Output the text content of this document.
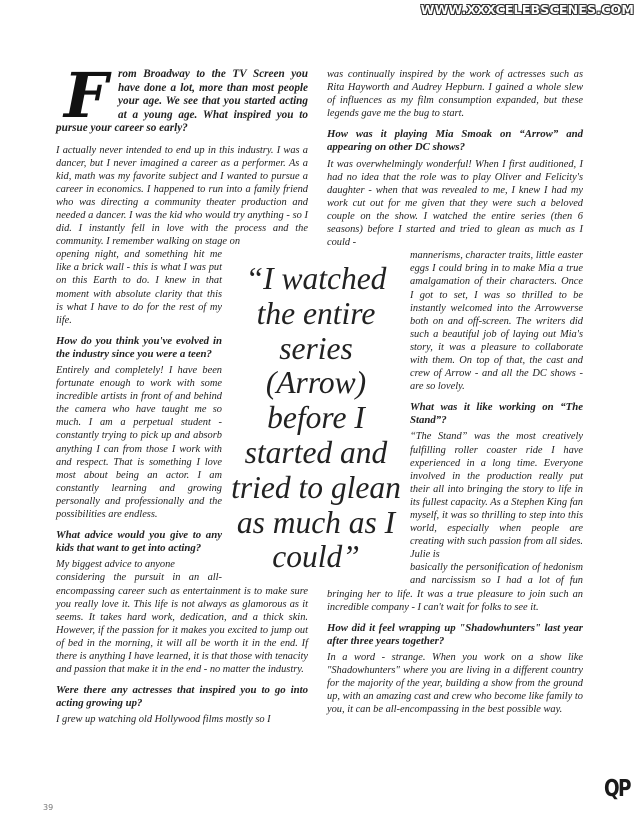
WWW.XXXCELEBSCENES.COM
From Broadway to the TV Screen you have done a lot, more than most people your age. We see that you started acting at a young age. What inspired you to pursue your career so early?

I actually never intended to end up in this industry. I was a dancer, but I never imagined a career as a performer. As a kid, math was my favorite subject and I wanted to pursue a career in economics. I happened to run into a family friend who was directing a community theater production and needed a dancer. I was the kid who would try anything - so I did. I instantly fell in love with the process and the community. I remember walking on stage on

opening night, and something hit me like a brick wall - this is what I was put on this Earth to do. I knew in that moment with absolute clarity that this is what I have to do for the rest of my life.

How do you think you've evolved in the industry since you were a teen?

Entirely and completely! I have been fortunate enough to work with some incredible artists in front of and behind the camera who have taught me so much. I am a perpetual student - constantly trying to pick up and absorb anything I can from those I work with and respect. That is something I love most about being an actor. I am constantly learning and growing personally and professionally and the possibilities are endless.

What advice would you give to any kids that want to get into acting?

My biggest advice to anyone

considering the pursuit in an all-encompassing career such as entertainment is to make sure you really love it. This life is not always as glamorous as it seems. It takes hard work, dedication, and a thick skin. However, if the passion for it makes you excited to jump out of bed in the morning, it will all be worth it in the end. If there is anything I have learned, it is that those with tenacity and passion that make it in the end - no matter the industry.

Were there any actresses that inspired you to go into acting growing up?

I grew up watching old Hollywood films mostly so I

was continually inspired by the work of actresses such as Rita Hayworth and Audrey Hepburn. I gained a whole slew of influences as my film consumption expanded, but these legends gave me the bug to start.

How was it playing Mia Smoak on “Arrow” and appearing on other DC shows?

It was overwhelmingly wonderful! When I first auditioned, I had no idea that the role was to play Oliver and Felicity's daughter - when that was revealed to me, I knew I had my work cut out for me given that they were such a beloved couple on the show. I watched the entire series (then 6 seasons) before I started and tried to glean as much as I could -

mannerisms, character traits, little easter eggs I could bring in to make Mia a true amalgamation of their characters. Once I got to set, I was so thrilled to be instantly welcomed into the Arrowverse both on and off-screen. The writers did such a beautiful job of laying out Mia's story, it was a pleasure to collaborate with them. On top of that, the cast and crew of Arrow - and all the DC shows - are so lovely.

What was it like working on “The Stand”?

“The Stand” was the most creatively fulfilling roller coaster ride I have experienced in a long time. Everyone involved in the production really put their all into bringing the story to life in its fullest capacity. As a Stephen King fan myself, it was so thrilling to step into this world, especially when people are creating with such passion from all sides. Julie is

basically the personification of hedonism and narcissism so I had a lot of fun bringing her to life. It was a true pleasure to join such an incredible company - I can't wait for folks to see it.

How did it feel wrapping up "Shadowhunters" last year after three years together?

In a word - strange. When you work on a show like "Shadowhunters" where you are living in a different country for the majority of the year, building a show from the ground up, with an amazing cast and crew who become like family to you, it can be all-encompassing in the best possible way.

“I watched the entire series (Arrow) before I started and tried to glean as much as I could”
39
QP
